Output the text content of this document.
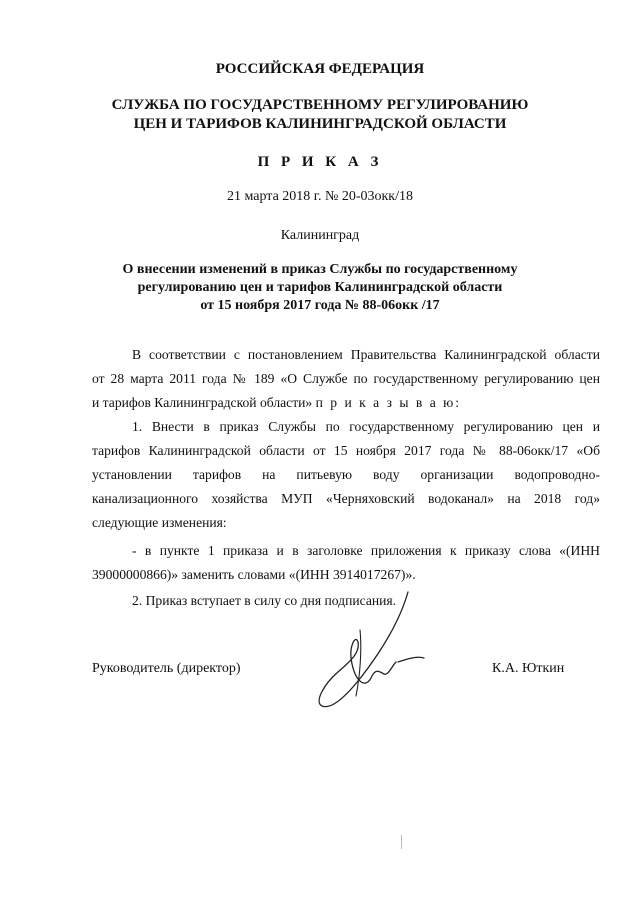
РОССИЙСКАЯ ФЕДЕРАЦИЯ
СЛУЖБА ПО ГОСУДАРСТВЕННОМУ РЕГУЛИРОВАНИЮ
ЦЕН И ТАРИФОВ КАЛИНИНГРАДСКОЙ ОБЛАСТИ
П Р И К А З
21 марта 2018 г. № 20-03окк/18
Калининград
О внесении изменений в приказ Службы по государственному
регулированию цен и тарифов Калининградской области
от 15 ноября 2017 года № 88-06окк /17
В соответствии с постановлением Правительства Калининградской области
от 28 марта 2011 года № 189 «О Службе по государственному регулированию цен
и тарифов Калининградской области» п р и к а з ы в а ю:
1. Внести в приказ Службы по государственному регулированию цен и
тарифов Калининградской области от 15 ноября 2017 года № 88-06окк/17 «Об
установлении тарифов на питьевую воду организации водопроводно-
канализационного хозяйства МУП «Черняховский водоканал» на 2018 год»
следующие изменения:
- в пункте 1 приказа и в заголовке приложения к приказу слова «(ИНН
39000000866)» заменить словами «(ИНН 3914017267)».
2. Приказ вступает в силу со дня подписания.
Руководитель (директор)	К.А. Юткин
